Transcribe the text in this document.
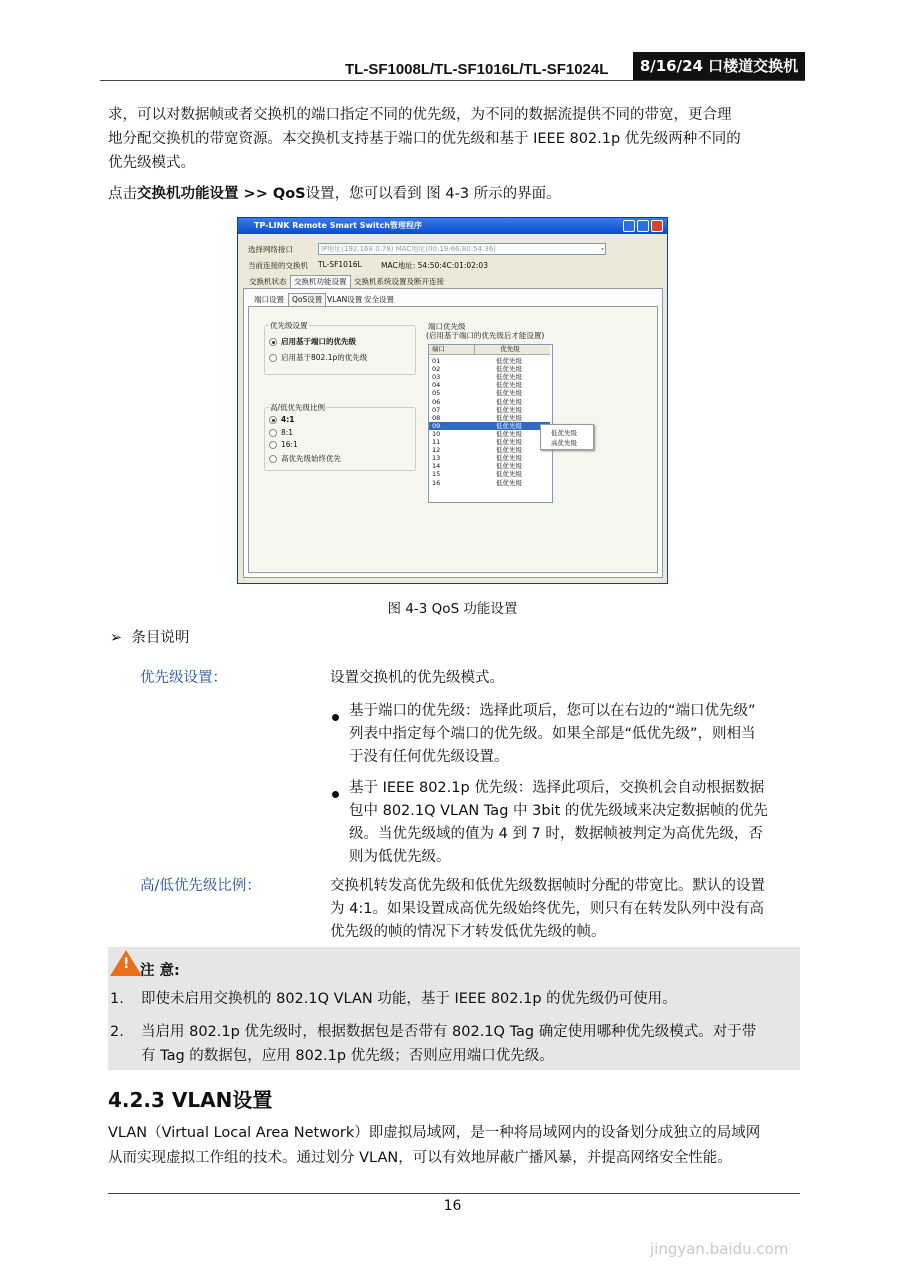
TL-SF1008L/TL-SF1016L/TL-SF1024L	8/16/24 口楼道交换机
求，可以对数据帧或者交换机的端口指定不同的优先级，为不同的数据流提供不同的带宽，更合理
地分配交换机的带宽资源。本交换机支持基于端口的优先级和基于 IEEE 802.1p 优先级两种不同的
优先级模式。
点击交换机功能设置 >> QoS设置，您可以看到 图 4-3 所示的界面。
TP-LINK Remote Smart Switch管理程序
选择网络接口	IP地址(192.168.0.78) MAC地址(00:19:66:80:54:36)	▾
当前连接的交换机 TL-SF1016L	MAC地址: 54:50:4C:01:02:03
交换机状态	交换机功能设置	交换机系统设置及断开连接
端口设置	QoS设置 VLAN设置 安全设置
优先级设置
启用基于端口的优先级
启用基于802.1p的优先级
高/低优先级比例
4:1
8:1
16:1
高优先级始终优先
端口优先级
(启用基于端口的优先级后才能设置)
端口	优先级
01	低优先级
02	低优先级
03	低优先级
04	低优先级
05	低优先级
06	低优先级
07	低优先级
08	低优先级
09	低优先级
10	低优先级
11	低优先级
12	低优先级
13	低优先级
14	低优先级
15	低优先级
16	低优先级
低优先级
高优先级
图 4-3 QoS 功能设置
➢  条目说明
优先级设置：	设置交换机的优先级模式。
基于端口的优先级：选择此项后，您可以在右边的“端口优先级”
列表中指定每个端口的优先级。如果全部是“低优先级”，则相当
于没有任何优先级设置。
基于 IEEE 802.1p 优先级：选择此项后，交换机会自动根据数据
包中 802.1Q VLAN Tag 中 3bit 的优先级域来决定数据帧的优先
级。当优先级域的值为 4 到 7 时，数据帧被判定为高优先级，否
则为低优先级。
高/低优先级比例：	交换机转发高优先级和低优先级数据帧时分配的带宽比。默认的设置
为 4:1。如果设置成高优先级始终优先，则只有在转发队列中没有高
优先级的帧的情况下才转发低优先级的帧。
! 注 意:
1. 即使未启用交换机的 802.1Q VLAN 功能，基于 IEEE 802.1p 的优先级仍可使用。
2. 当启用 802.1p 优先级时，根据数据包是否带有 802.1Q Tag 确定使用哪种优先级模式。对于带
有 Tag 的数据包，应用 802.1p 优先级；否则应用端口优先级。
4.2.3 VLAN设置
VLAN（Virtual Local Area Network）即虚拟局域网，是一种将局域网内的设备划分成独立的局域网
从而实现虚拟工作组的技术。通过划分 VLAN，可以有效地屏蔽广播风暴，并提高网络安全性能。
16
jingyan.baidu.com
